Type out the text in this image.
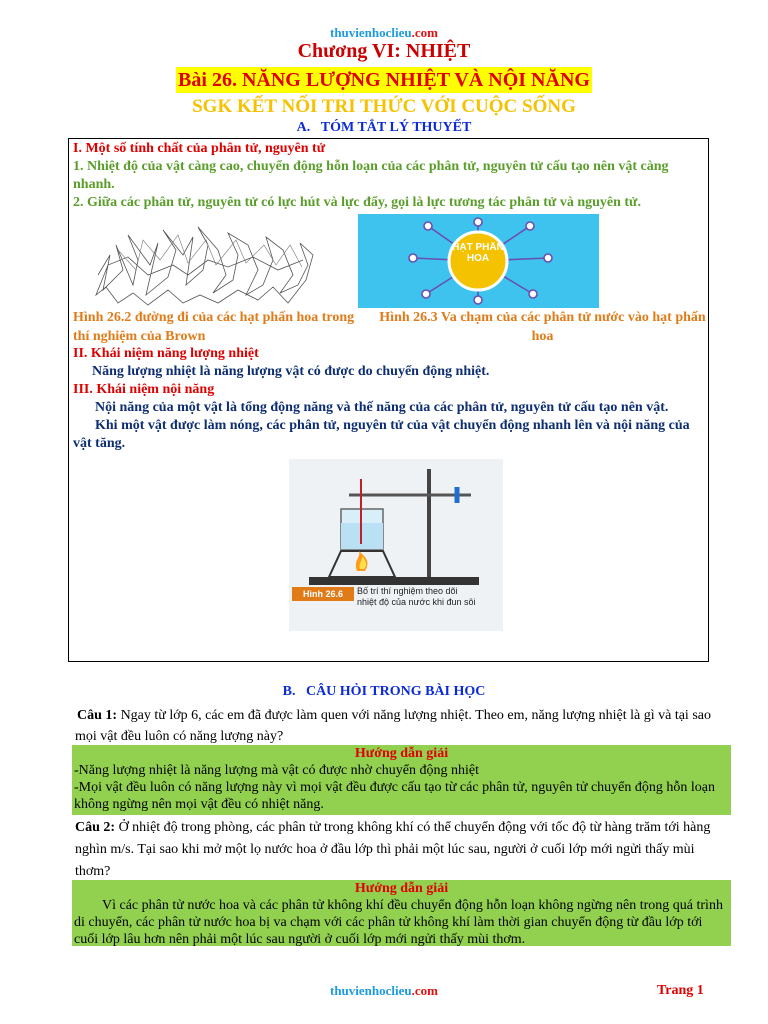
thuvienhoclieu.com
Chương VI: NHIỆT
Bài 26. NĂNG LƯỢNG NHIỆT VÀ NỘI NĂNG
SGK KẾT NỐI TRI THỨC VỚI CUỘC SỐNG
A. TÓM TẮT LÝ THUYẾT
I. Một số tính chất của phân tử, nguyên tử
1. Nhiệt độ của vật càng cao, chuyển động hỗn loạn của các phân tử, nguyên tử cấu tạo nên vật càng nhanh.
2. Giữa các phân tử, nguyên tử có lực hút và lực đẩy, gọi là lực tương tác phân tử và nguyên tử.
HẠT PHẤN HOA
Hình 26.2 đường đi của các hạt phấn hoa trong thí nghiệm của Brown
Hình 26.3 Va chạm của các phân tử nước vào hạt phấn hoa
II. Khái niệm năng lượng nhiệt
Năng lượng nhiệt là năng lượng vật có được do chuyển động nhiệt.
III. Khái niệm nội năng
Nội năng của một vật là tổng động năng và thế năng của các phân tử, nguyên tử cấu tạo nên vật.
Khi một vật được làm nóng, các phân tử, nguyên tử của vật chuyển động nhanh lên và nội năng của vật tăng.
Hình 26.6	Bố trí thí nghiệm theo dõi nhiệt độ của nước khi đun sôi
B. CÂU HỎI TRONG BÀI HỌC
Câu 1: Ngay từ lớp 6, các em đã được làm quen với năng lượng nhiệt. Theo em, năng lượng nhiệt là gì và tại sao mọi vật đều luôn có năng lượng này?
Hướng dẫn giải
-Năng lượng nhiệt là năng lượng mà vật có được nhờ chuyển động nhiệt
-Mọi vật đều luôn có năng lượng này vì mọi vật đều được cấu tạo từ các phân tử, nguyên tử chuyển động hỗn loạn không ngừng nên mọi vật đều có nhiệt năng.
Câu 2: Ở nhiệt độ trong phòng, các phân tử trong không khí có thể chuyển động với tốc độ từ hàng trăm tới hàng nghìn m/s. Tại sao khi mở một lọ nước hoa ở đầu lớp thì phải một lúc sau, người ở cuối lớp mới ngửi thấy mùi thơm?
Hướng dẫn giải
Vì các phân tử nước hoa và các phân tử không khí đều chuyển động hỗn loạn không ngừng nên trong quá trình di chuyển, các phân tử nước hoa bị va chạm với các phân tử không khí làm thời gian chuyển động từ đầu lớp tới cuối lớp lâu hơn nên phải một lúc sau người ở cuối lớp mới ngửi thấy mùi thơm.
thuvienhoclieu.com	Trang 1
